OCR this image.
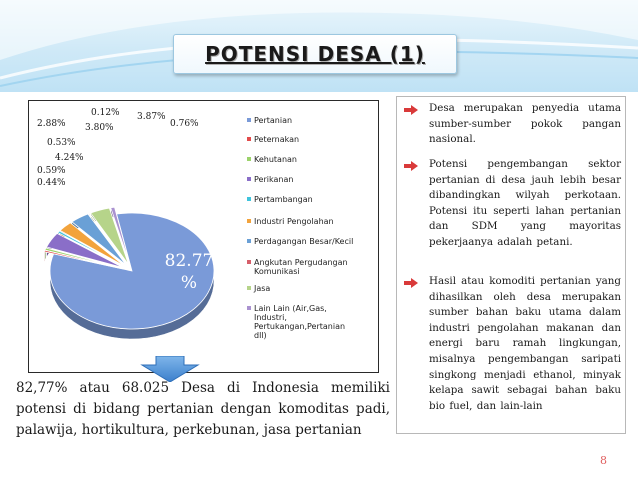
POTENSI DESA (1)
82.77
%
0.44%
0.59%
4.24%
0.53%
2.88% 3.80%
0.12% 3.87%
0.76%	Pertanian
Peternakan
Kehutanan
Perikanan
Pertambangan
Industri Pengolahan
Perdagangan Besar/Kecil
Angkutan Pergudangan
Komunikasi
Jasa
Lain Lain (Air,Gas,
Industri,
Pertukangan,Pertanian
dll)
82,77% atau 68.025 Desa di Indonesia memiliki potensi di bidang pertanian dengan komoditas padi, palawija, hortikultura, perkebunan, jasa pertanian
Desa merupakan penyedia utama sumber-sumber pokok pangan nasional.
Potensi pengembangan sektor pertanian di desa jauh lebih besar dibandingkan wilyah perkotaan. Potensi itu seperti lahan pertanian dan SDM yang mayoritas pekerjaanya adalah petani.
Hasil atau komoditi pertanian yang dihasilkan oleh desa merupakan sumber bahan baku utama dalam industri pengolahan makanan dan energi baru ramah lingkungan, misalnya pengembangan saripati singkong menjadi ethanol, minyak kelapa sawit sebagai bahan baku bio fuel, dan lain-lain
8
